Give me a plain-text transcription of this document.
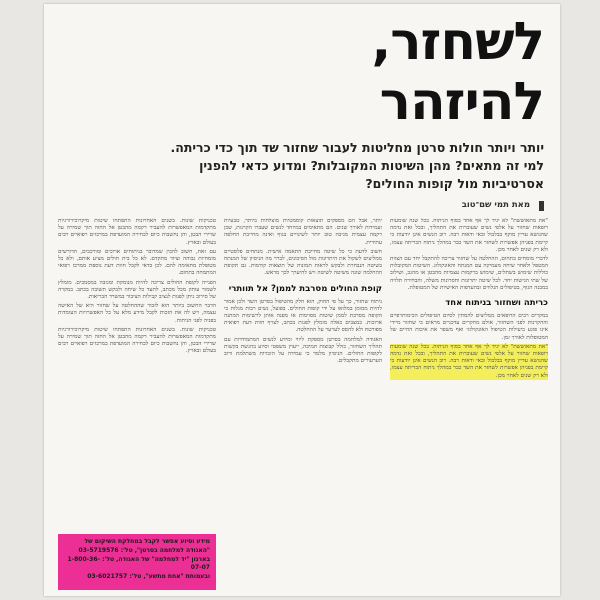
לשחזר,
להיזהר
יותר ויותר חולות סרטן מחליטות לעבור שחזור שד תוך כדי כריתה.
למי זה מתאים? מהן השיטות המקובלות? ומדוע כדאי להפנין
אסרטיביות מול קופות החולים?
מאת תמי שם־טוב

"את מתאוששת" לא יגיד לך אף אחד בסוף הניתוח. בכל שנה שומעות רופאות שחזור על אלפי נשים שעוברות את התהליך, ובכל זאת נדמה שהנושא עדיין מוקף בבלבול ובאי ודאות רבה. רוב הנשים אינן יודעות כי קיימת בפניהן אפשרות לשחזר את השד כבר במהלך ניתוח הכריתה עצמו, ולא רק שנים לאחר מכן.

לדברי מומחים בתחום, ההחלטה על שחזור צריכה להתקבל יחד עם הצוות המטפל ולאחר שיחה מעמיקה עם המנתח והאונקולוג. השיטות המקובלות כוללות שימוש בשתלים, שימוש ברקמות עצמיות מהבטן או מהגב, ושילוב של שתי הגישות יחד. לכל שיטה יתרונות וחסרונות משלה, והבחירה תלויה במבנה הגוף, בטיפולים הנלווים ובהעדפות האישיות של המטופלת.

כריתה ושחזור בניתוח אחד

במקרים רבים הרופאים ממליצים להמתין לסיום הטיפולים הכימותרפיים וההקרנות לפני השחזור, אולם מחקרים עדכניים מראים כי שחזור מיידי אינו פוגע ביעילות הטיפול האונקולוגי ואף משפר את איכות החיים של המטופלות לאורך זמן.

"את מתאוששת" לא יגיד לך אף אחד בסוף הניתוח. בכל שנה שומעות רופאות שחזור על אלפי נשים שעוברות את התהליך, ובכל זאת נדמה שהנושא עדיין מוקף בבלבול ובאי ודאות רבה. רוב הנשים אינן יודעות כי קיימת בפניהן אפשרות לשחזר את השד כבר במהלך ניתוח הכריתה עצמו, ולא רק שנים לאחר מכן.

יותר, אבל הם מספקים תוצאות קוסמטיות מוצלחות ביותר, טבעיות ועמידות לאורך שנים. הם מתאימים במיוחד לנשים שעברו הקרנות, שכן רקמה עצמית מגיבה טוב יותר לשינויים בגוף ואינה מחייבת החלפה עתידית.

חשוב לדעת כי כל שיטה מחייבת התאמה אישית. מנתחים פלסטיים ממליצים לשקול את היתרונות מול הסיכונים, לברר מה הניסיון של המנתח בשיטה הנבחרת ולבקש לראות תמונות של תוצאות קודמות. גם תקופת ההחלמה שונה משיטה לשיטה ויש להיערך לכך מראש.

קופת החולים מסרבת לממן? אל תוותרי

ניתוח שחזור, כך על פי החוק, הוא חלק מהטיפול בסרטן השד ולכן אמור להיות ממומן במלואו על ידי קופות החולים. בפועל, נשים רבות מגלות כי הקופה מסרבת לממן שיטות מסוימות או מפנה אותן לרשימות המתנה ארוכות. במצבים כאלה מומלץ לפנות בכתב, לצרף חוות דעת רפואית מפורטת ולא להסס לערער על ההחלטה.

האגודה למלחמה בסרטן מספקת ליווי ומידע לנשים המתמודדות עם תהליך השחזור, כולל קבוצות תמיכה, ייעוץ משפטי וסיוע בהגשת בקשות לקופות החולים. הניסיון מלמד כי עמידה על הזכויות משתלמת ורוב הערעורים מתקבלים.

טכניקות שונות. בשנים האחרונות התפתחו שיטות מיקרוכירורגיות מתקדמות המאפשרות להעביר רקמה מהבטן אל החזה תוך שמירה על שרירי הבטן, והן נחשבות כיום לבחירה המועדפת במרכזים רפואיים רבים בעולם ובארץ.

עם זאת, חשוב להבין שמדובר בניתוחים ארוכים ומורכבים, הדורשים מומחיות גבוהה וציוד מתקדם. לא כל בית חולים מציע אותם, ולא כל מטופלת מתאימה להם. לכן כדאי לקבל חוות דעת נוספת ממרכז רפואי המתמחה בתחום.

הפנייה לקופת החולים צריכה להיות מנומקת ומגובה במסמכים. מומלץ לשמור עותק מכל מכתב, לתעד כל שיחה ולבקש תשובה בכתב. במקרה של סירוב ניתן לפנות לנציב קבילות הציבור במשרד הבריאות.

הדבר החשוב ביותר הוא לזכור שההחלטה על שחזור היא של האישה עצמה, ויש לה את הזכות לקבל מידע מלא על כל האפשרויות העומדות בפניה לפני הניתוח.

טכניקות שונות. בשנים האחרונות התפתחו שיטות מיקרוכירורגיות מתקדמות המאפשרות להעביר רקמה מהבטן אל החזה תוך שמירה על שרירי הבטן, והן נחשבות כיום לבחירה המועדפת במרכזים רפואיים רבים בעולם ובארץ.

מידע וסיוע אפשר לקבל במחלקת השיקום של
"האגודה למלחמה בסרטן", טל': 03-5719576
בארגון "יד למחלמה" של האגודה, טל': 1-800-36-07-07
ובעמותת "אחת מתשע", טל': 03-6021757
